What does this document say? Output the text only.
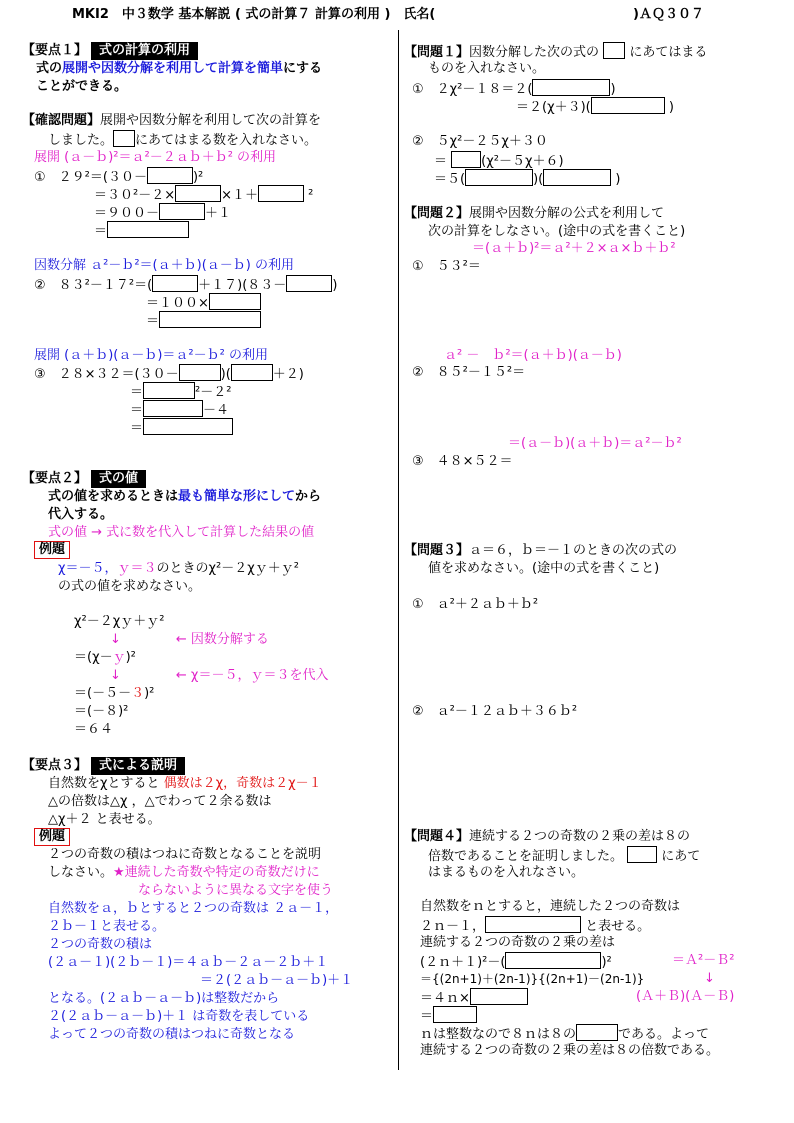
MKI2　中３数学 基本解説 ( 式の計算７ 計算の利用 )　氏名(	)ＡＱ３０７
【要点１】 式の計算の利用
式の展開や因数分解を利用して計算を簡単にする
ことができる。
【確認問題】展開や因数分解を利用して次の計算を
しました。 にあてはまる数を入れなさい。
展開 (ａ－ｂ)²＝ａ²－２ａｂ＋ｂ² の利用
①　２９²＝(３０－	)²
＝３０²－２×	×１＋	²
＝９００－	＋１
＝
因数分解 ａ²－ｂ²＝(ａ＋ｂ)(ａ－ｂ) の利用
②　８３²－１７²＝(	＋１７)(８３－	)
＝１００×
＝
展開 (ａ＋ｂ)(ａ－ｂ)＝ａ²－ｂ² の利用
③　２８×３２＝(３０－	)(	＋２)
＝	²－２²
＝	－４
＝
【要点２】 式の値
式の値を求めるときは最も簡単な形にしてから
代入する。
式の値 → 式に数を代入して計算した結果の値
例題
χ＝－５，ｙ＝３のときのχ²－２χｙ＋ｙ²
の式の値を求めなさい。
χ²－２χｙ＋ｙ²
↓	← 因数分解する
＝(χ－ｙ)²
↓	← χ＝－５，ｙ＝３を代入
＝(－５－３)²
＝(－８)²
＝６４
【要点３】 式による説明
自然数をχとすると 偶数は２χ，奇数は２χ－１
△の倍数は△χ ，△でわって２余る数は
△χ＋２ と表せる。
例題
２つの奇数の積はつねに奇数となることを説明
しなさい。★連続した奇数や特定の奇数だけに
ならないように異なる文字を使う
自然数をａ，ｂとすると２つの奇数は ２ａ－１，
２ｂ－１と表せる。
２つの奇数の積は
(２ａ－１)(２ｂ－１)＝４ａｂ－２ａ－２ｂ＋１
＝２(２ａｂ－ａ－ｂ)＋１
となる。(２ａｂ－ａ－ｂ)は整数だから
２(２ａｂ－ａ－ｂ)＋１ は奇数を表している
よって２つの奇数の積はつねに奇数となる
【問題１】因数分解した次の式の にあてはまる
ものを入れなさい。
①　２χ²－１８＝２(	)
＝２(χ＋３)(	)
②　５χ²－２５χ＋３０
＝	(χ²－５χ＋６)
＝５(	)(	)
【問題２】展開や因数分解の公式を利用して
次の計算をしなさい。(途中の式を書くこと)
＝(ａ＋ｂ)²＝ａ²＋２×ａ×ｂ＋ｂ²
①　５３²＝
ａ² －　ｂ²＝(ａ＋ｂ)(ａ－ｂ)
②　８５²－１５²＝
＝(ａ－ｂ)(ａ＋ｂ)＝ａ²－ｂ²
③　４８×５２＝
【問題３】ａ＝６，ｂ＝－１のときの次の式の
値を求めなさい。(途中の式を書くこと)
①　ａ²＋２ａｂ＋ｂ²
②　ａ²－１２ａｂ＋３６ｂ²
【問題４】連続する２つの奇数の２乗の差は８の
倍数であることを証明しました。	にあて
はまるものを入れなさい。
自然数をｎとすると，連続した２つの奇数は
２ｎ－１，	と表せる。
連続する２つの奇数の２乗の差は
(２ｎ＋１)²－(	)²	＝Ａ²－Ｂ²
＝{(2n+1)＋(2n-1)}{(2n+1)－(2n-1)}	↓
＝４ｎ×	(Ａ＋Ｂ)(Ａ－Ｂ)
＝
ｎは整数なので８ｎは８の	である。よって
連続する２つの奇数の２乗の差は８の倍数である。
